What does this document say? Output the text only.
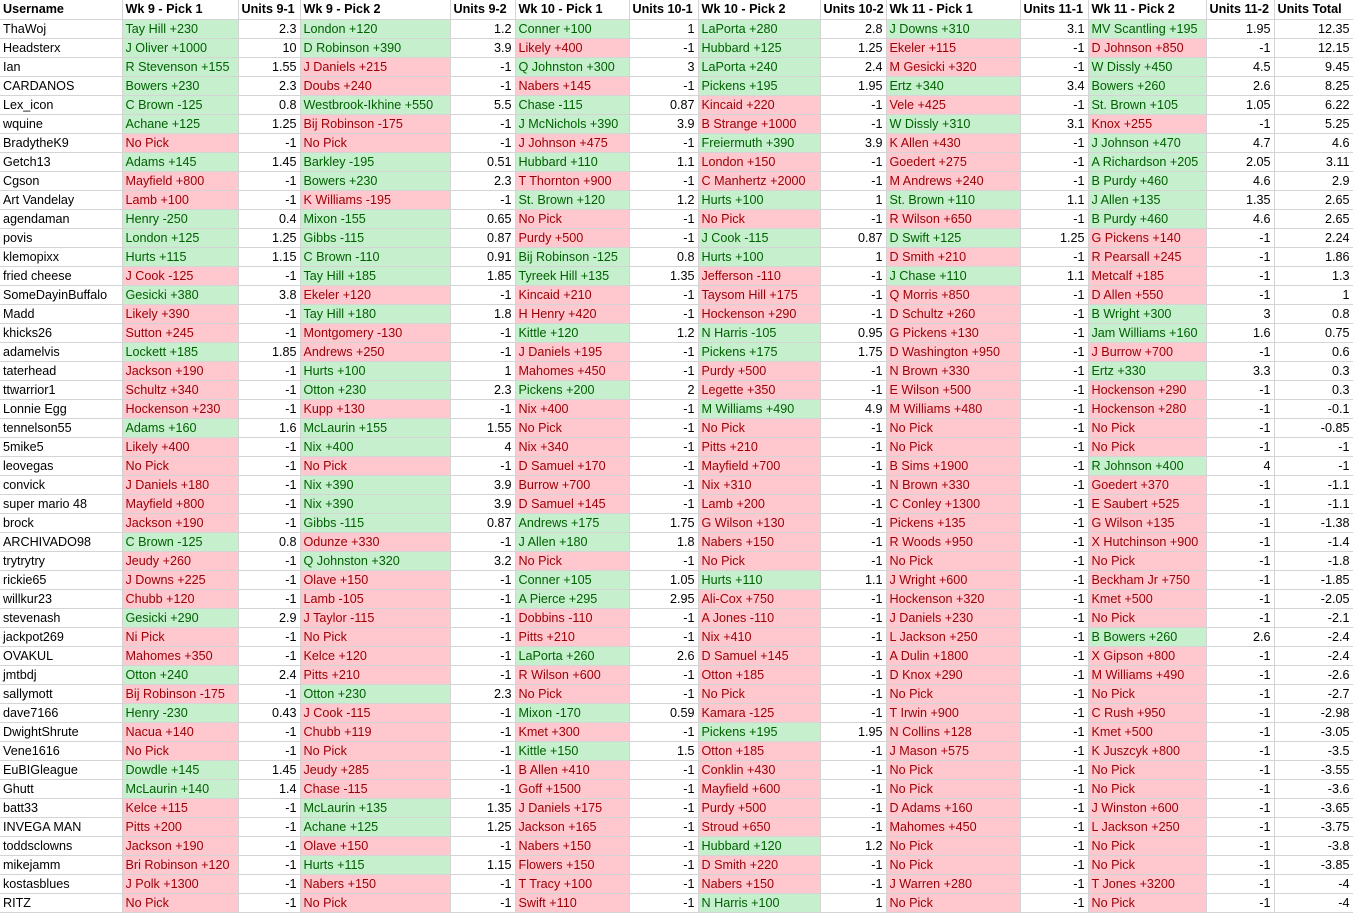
Username	Wk 9 - Pick 1	Units 9-1	Wk 9 - Pick 2	Units 9-2	Wk 10 - Pick 1	Units 10-1	Wk 10 - Pick 2	Units 10-2	Wk 11 - Pick 1	Units 11-1	Wk 11 - Pick 2	Units 11-2	Units Total
ThaWoj	Tay Hill +230	2.3	London +120	1.2	Conner +100	1	LaPorta +280	2.8	J Downs +310	3.1	MV Scantling +195	1.95	12.35
Headsterx	J Oliver +1000	10	D Robinson +390	3.9	Likely +400	-1	Hubbard +125	1.25	Ekeler +115	-1	D Johnson +850	-1	12.15
Ian	R Stevenson +155	1.55	J Daniels +215	-1	Q Johnston +300	3	LaPorta +240	2.4	M Gesicki +320	-1	W Dissly +450	4.5	9.45
CARDANOS	Bowers +230	2.3	Doubs +240	-1	Nabers +145	-1	Pickens +195	1.95	Ertz +340	3.4	Bowers +260	2.6	8.25
Lex_icon	C Brown -125	0.8	Westbrook-Ikhine +550	5.5	Chase -115	0.87	Kincaid +220	-1	Vele +425	-1	St. Brown +105	1.05	6.22
wquine	Achane +125	1.25	Bij Robinson -175	-1	J McNichols +390	3.9	B Strange +1000	-1	W Dissly +310	3.1	Knox +255	-1	5.25
BradytheK9	No Pick	-1	No Pick	-1	J Johnson +475	-1	Freiermuth +390	3.9	K Allen +430	-1	J Johnson +470	4.7	4.6
Getch13	Adams +145	1.45	Barkley -195	0.51	Hubbard +110	1.1	London +150	-1	Goedert +275	-1	A Richardson +205	2.05	3.11
Cgson	Mayfield +800	-1	Bowers +230	2.3	T Thornton +900	-1	C Manhertz +2000	-1	M Andrews +240	-1	B Purdy +460	4.6	2.9
Art Vandelay	Lamb +100	-1	K Williams -195	-1	St. Brown +120	1.2	Hurts +100	1	St. Brown +110	1.1	J Allen +135	1.35	2.65
agendaman	Henry -250	0.4	Mixon -155	0.65	No Pick	-1	No Pick	-1	R Wilson +650	-1	B Purdy +460	4.6	2.65
povis	London +125	1.25	Gibbs -115	0.87	Purdy +500	-1	J Cook -115	0.87	D Swift +125	1.25	G Pickens +140	-1	2.24
klemopixx	Hurts +115	1.15	C Brown -110	0.91	Bij Robinson -125	0.8	Hurts +100	1	D Smith +210	-1	R Pearsall +245	-1	1.86
fried cheese	J Cook -125	-1	Tay Hill +185	1.85	Tyreek Hill +135	1.35	Jefferson -110	-1	J Chase +110	1.1	Metcalf +185	-1	1.3
SomeDayinBuffalo	Gesicki +380	3.8	Ekeler +120	-1	Kincaid +210	-1	Taysom Hill +175	-1	Q Morris +850	-1	D Allen +550	-1	1
Madd	Likely +390	-1	Tay Hill +180	1.8	H Henry +420	-1	Hockenson +290	-1	D Schultz +260	-1	B Wright +300	3	0.8
khicks26	Sutton +245	-1	Montgomery -130	-1	Kittle +120	1.2	N Harris -105	0.95	G Pickens +130	-1	Jam Williams +160	1.6	0.75
adamelvis	Lockett +185	1.85	Andrews +250	-1	J Daniels +195	-1	Pickens +175	1.75	D Washington +950	-1	J Burrow +700	-1	0.6
taterhead	Jackson +190	-1	Hurts +100	1	Mahomes +450	-1	Purdy +500	-1	N Brown +330	-1	Ertz +330	3.3	0.3
ttwarrior1	Schultz +340	-1	Otton +230	2.3	Pickens +200	2	Legette +350	-1	E Wilson +500	-1	Hockenson +290	-1	0.3
Lonnie Egg	Hockenson +230	-1	Kupp +130	-1	Nix +400	-1	M Williams +490	4.9	M Williams +480	-1	Hockenson +280	-1	-0.1
tennelson55	Adams +160	1.6	McLaurin +155	1.55	No Pick	-1	No Pick	-1	No Pick	-1	No Pick	-1	-0.85
5mike5	Likely +400	-1	Nix +400	4	Nix +340	-1	Pitts +210	-1	No Pick	-1	No Pick	-1	-1
leovegas	No Pick	-1	No Pick	-1	D Samuel +170	-1	Mayfield +700	-1	B Sims +1900	-1	R Johnson +400	4	-1
convick	J Daniels +180	-1	Nix +390	3.9	Burrow +700	-1	Nix +310	-1	N Brown +330	-1	Goedert +370	-1	-1.1
super mario 48	Mayfield +800	-1	Nix +390	3.9	D Samuel +145	-1	Lamb +200	-1	C Conley +1300	-1	E Saubert +525	-1	-1.1
brock	Jackson +190	-1	Gibbs -115	0.87	Andrews +175	1.75	G Wilson +130	-1	Pickens +135	-1	G Wilson +135	-1	-1.38
ARCHIVADO98	C Brown -125	0.8	Odunze +330	-1	J Allen +180	1.8	Nabers +150	-1	R Woods +950	-1	X Hutchinson +900	-1	-1.4
trytrytry	Jeudy +260	-1	Q Johnston +320	3.2	No Pick	-1	No Pick	-1	No Pick	-1	No Pick	-1	-1.8
rickie65	J Downs +225	-1	Olave +150	-1	Conner +105	1.05	Hurts +110	1.1	J Wright +600	-1	Beckham Jr +750	-1	-1.85
willkur23	Chubb +120	-1	Lamb -105	-1	A Pierce +295	2.95	Ali-Cox +750	-1	Hockenson +320	-1	Kmet +500	-1	-2.05
stevenash	Gesicki +290	2.9	J Taylor -115	-1	Dobbins -110	-1	A Jones -110	-1	J Daniels +230	-1	No Pick	-1	-2.1
jackpot269	Ni Pick	-1	No Pick	-1	Pitts +210	-1	Nix +410	-1	L Jackson +250	-1	B Bowers +260	2.6	-2.4
OVAKUL	Mahomes +350	-1	Kelce +120	-1	LaPorta +260	2.6	D Samuel +145	-1	A Dulin +1800	-1	X Gipson +800	-1	-2.4
jmtbdj	Otton +240	2.4	Pitts +210	-1	R Wilson +600	-1	Otton +185	-1	D Knox +290	-1	M Williams +490	-1	-2.6
sallymott	Bij Robinson -175	-1	Otton +230	2.3	No Pick	-1	No Pick	-1	No Pick	-1	No Pick	-1	-2.7
dave7166	Henry -230	0.43	J Cook -115	-1	Mixon -170	0.59	Kamara -125	-1	T Irwin +900	-1	C Rush +950	-1	-2.98
DwightShrute	Nacua +140	-1	Chubb +119	-1	Kmet +300	-1	Pickens +195	1.95	N Collins +128	-1	Kmet +500	-1	-3.05
Vene1616	No Pick	-1	No Pick	-1	Kittle +150	1.5	Otton +185	-1	J Mason +575	-1	K Juszcyk +800	-1	-3.5
EuBIGleague	Dowdle +145	1.45	Jeudy +285	-1	B Allen +410	-1	Conklin +430	-1	No Pick	-1	No Pick	-1	-3.55
Ghutt	McLaurin +140	1.4	Chase -115	-1	Goff +1500	-1	Mayfield +600	-1	No Pick	-1	No Pick	-1	-3.6
batt33	Kelce +115	-1	McLaurin +135	1.35	J Daniels +175	-1	Purdy +500	-1	D Adams +160	-1	J Winston +600	-1	-3.65
INVEGA MAN	Pitts +200	-1	Achane +125	1.25	Jackson +165	-1	Stroud +650	-1	Mahomes +450	-1	L Jackson +250	-1	-3.75
toddsclowns	Jackson +190	-1	Olave +150	-1	Nabers +150	-1	Hubbard +120	1.2	No Pick	-1	No Pick	-1	-3.8
mikejamm	Bri Robinson +120	-1	Hurts +115	1.15	Flowers +150	-1	D Smith +220	-1	No Pick	-1	No Pick	-1	-3.85
kostasblues	J Polk +1300	-1	Nabers +150	-1	T Tracy +100	-1	Nabers +150	-1	J Warren +280	-1	T Jones +3200	-1	-4
RITZ	No Pick	-1	No Pick	-1	Swift +110	-1	N Harris +100	1	No Pick	-1	No Pick	-1	-4
